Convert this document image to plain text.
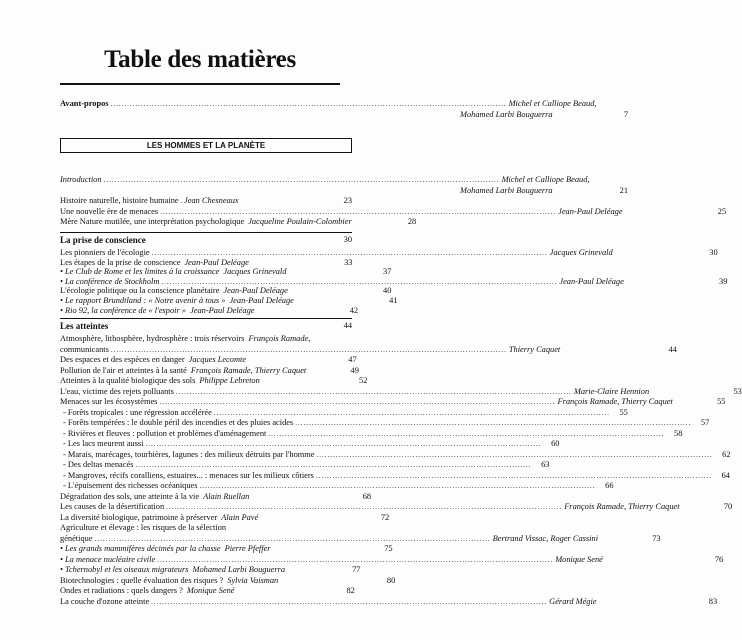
Table des matières
Avant-propos .....	Michel et Calliope Beaud,
Mohamed Larbi Bouguerra	7
LES HOMMES ET LA PLANÈTE
Introduction .....	Michel et Calliope Beaud,
Mohamed Larbi Bouguerra	21
Histoire naturelle, histoire humaine ..... Jean Chesneaux	23
Une nouvelle ère de menaces .....	Jean-Paul Deléage	25
Mère Nature mutilée, une interprétation psychologique Jacqueline Poulain-Colombier	28
La prise de conscience	30
Les pionniers de l'écologie .....	Jacques Grinevald	30
Les étapes de la prise de conscience Jean-Paul Deléage	33
• Le Club de Rome et les limites à la croissance Jacques Grinevald	37
• La conférence de Stockholm .....	Jean-Paul Deléage	39
L'écologie politique ou la conscience planétaire Jean-Paul Deléage	40
• Le rapport Brundtland : « Notre avenir à tous » Jean-Paul Deléage	41
• Rio 92, la conférence de « l'espoir » Jean-Paul Deléage	42
Les atteintes	44
Atmosphère, lithosphère, hydrosphère : trois réservoirs François Ramade,
communicants .....	Thierry Caquet	44
Des espaces et des espèces en danger Jacques Lecomte	47
Pollution de l'air et atteintes à la santé François Ramade, Thierry Caquet	49
Atteintes à la qualité biologique des sols Philippe Lebreton	52
L'eau, victime des rejets polluants .....	Marie-Claire Hennion	53
Menaces sur les écosystèmes .....	François Ramade, Thierry Caquet	55
- Forêts tropicales : une régression accélérée .....	55
- Forêts tempérées : le double péril des incendies et des pluies acides .....	57
- Rivières et fleuves : pollution et problèmes d'aménagement .....	58
- Les lacs meurent aussi .....	60
- Marais, marécages, tourbières, lagunes : des milieux détruits par l'homme .....	62
- Des deltas menacés .....	63
- Mangroves, récifs coralliens, estuaires... : menaces sur les milieux côtiers .....	64
- L'épuisement des richesses océaniques .....	66
Dégradation des sols, une atteinte à la vie Alain Ruellan	68
Les causes de la désertification .....	François Ramade, Thierry Caquet	70
La diversité biologique, patrimoine à préserver Alain Pavé	72
Agriculture et élevage : les risques de la sélection
génétique .....	Bertrand Vissac, Roger Cassini	73
• Les grands mammifères décimés par la chasse Pierre Pfeffer	75
• La menace nucléaire civile .....	Monique Sené	76
• Tchernobyl et les oiseaux migrateurs Mohamed Larbi Bouguerra	77
Biotechnologies : quelle évaluation des risques ? Sylvia Vaisman	80
Ondes et radiations : quels dangers ? Monique Sené	82
La couche d'ozone atteinte .....	Gérard Mégie	83
